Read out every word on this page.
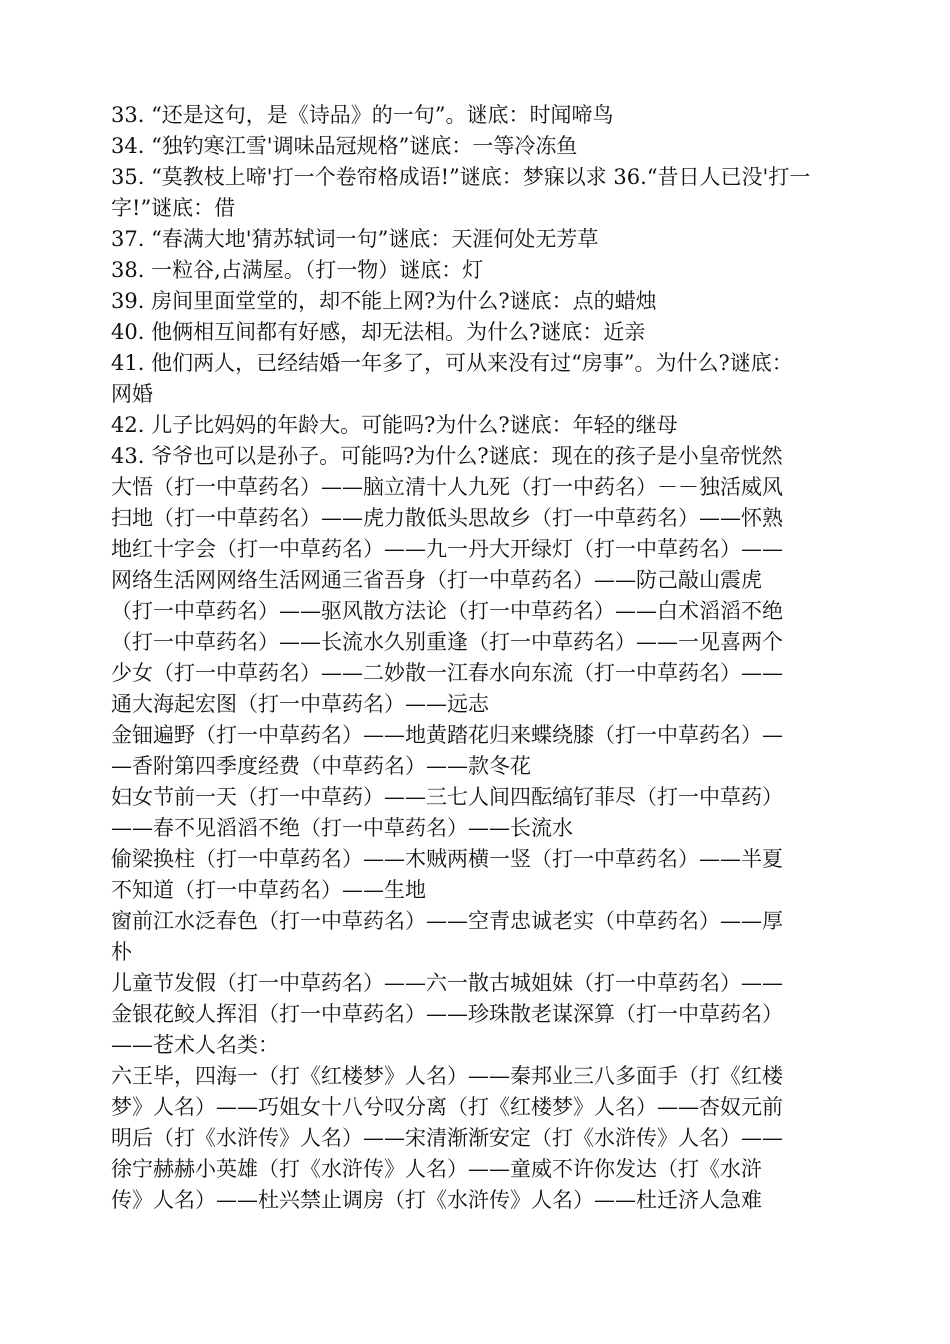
33. “还是这句，是《诗品》的一句”。谜底：时闻啼鸟
34. “独钓寒江雪'调味品冠规格”谜底：一等冷冻鱼
35. “莫教枝上啼'打一个卷帘格成语!”谜底：梦寐以求 36.“昔日人已没'打一
字!”谜底：借
37. “春满大地'猜苏轼词一句”谜底：天涯何处无芳草
38. 一粒谷,占满屋。（打一物）谜底：灯
39. 房间里面堂堂的，却不能上网?为什么?谜底：点的蜡烛
40. 他俩相互间都有好感，却无法相。为什么?谜底：近亲
41. 他们两人，已经结婚一年多了，可从来没有过“房事”。为什么?谜底：
网婚
42. 儿子比妈妈的年龄大。可能吗?为什么?谜底：年轻的继母
43. 爷爷也可以是孙子。可能吗?为什么?谜底：现在的孩子是小皇帝恍然
大悟（打一中草药名）——脑立清十人九死（打一中药名）－－独活威风
扫地（打一中草药名）——虎力散低头思故乡（打一中草药名）——怀熟
地红十字会（打一中草药名）——九一丹大开绿灯（打一中草药名）——
网络生活网网络生活网通三省吾身（打一中草药名）——防己敲山震虎
（打一中草药名）——驱风散方法论（打一中草药名）——白术滔滔不绝
（打一中草药名）——长流水久别重逢（打一中草药名）——一见喜两个
少女（打一中草药名）——二妙散一江春水向东流（打一中草药名）——
通大海起宏图（打一中草药名）——远志
金钿遍野（打一中草药名）——地黄踏花归来蝶绕膝（打一中草药名）—
—香附第四季度经费（中草药名）——款冬花
妇女节前一天（打一中草药）——三七人间四酝缟钌菲尽（打一中草药）
——春不见滔滔不绝（打一中草药名）——长流水
偷梁换柱（打一中草药名）——木贼两横一竖（打一中草药名）——半夏
不知道（打一中草药名）——生地
窗前江水泛春色（打一中草药名）——空青忠诚老实（中草药名）——厚
朴
儿童节发假（打一中草药名）——六一散古城姐妹（打一中草药名）——
金银花鲛人挥泪（打一中草药名）——珍珠散老谋深算（打一中草药名）
——苍术人名类：
六王毕，四海一（打《红楼梦》人名）——秦邦业三八多面手（打《红楼
梦》人名）——巧姐女十八兮叹分离（打《红楼梦》人名）——杏奴元前
明后（打《水浒传》人名）——宋清渐渐安定（打《水浒传》人名）——
徐宁赫赫小英雄（打《水浒传》人名）——童威不许你发达（打《水浒
传》人名）——杜兴禁止调房（打《水浒传》人名）——杜迁济人急难
